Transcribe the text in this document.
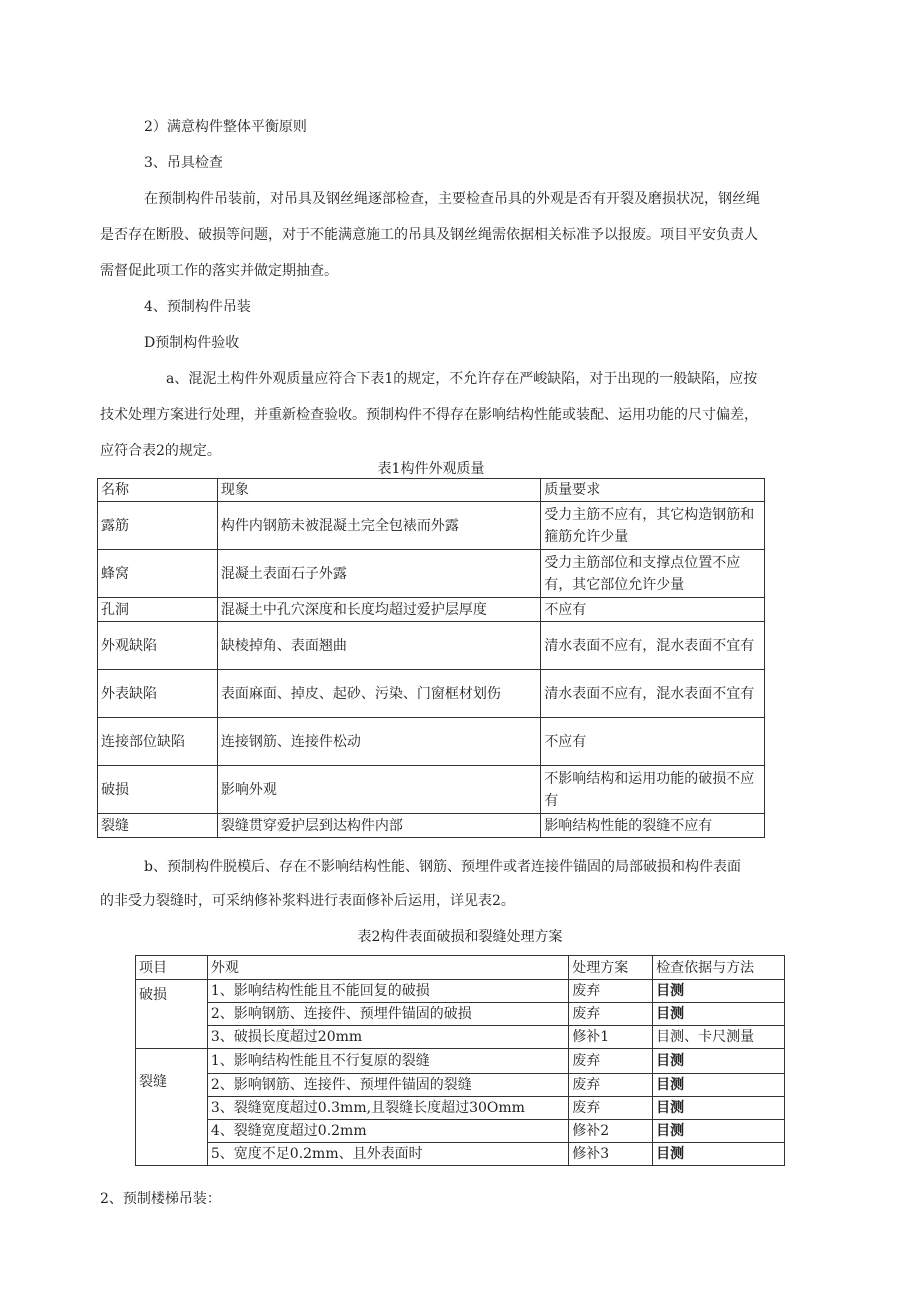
2）满意构件整体平衡原则
3、吊具检查
在预制构件吊装前，对吊具及钢丝绳逐部检查，主要检查吊具的外观是否有开裂及磨损状况，钢丝绳
是否存在断股、破损等问题，对于不能满意施工的吊具及钢丝绳需依据相关标准予以报废。项目平安负责人
需督促此项工作的落实并做定期抽查。
4、预制构件吊装
D预制构件验收
a、混泥土构件外观质量应符合下表1的规定，不允许存在严峻缺陷，对于出现的一般缺陷，应按
技术处理方案进行处理，并重新检查验收。预制构件不得存在影响结构性能或装配、运用功能的尺寸偏差，
应符合表2的规定。
表1构件外观质量
名称	现象	质量要求
露筋	构件内钢筋未被混凝土完全包裱而外露	受力主筋不应有，其它构造钢筋和箍筋允许少量
蜂窝	混凝土表面石子外露	受力主筋部位和支撑点位置不应有，其它部位允许少量
孔洞	混凝土中孔穴深度和长度均超过爱护层厚度	不应有
外观缺陷	缺棱掉角、表面翘曲	清水表面不应有，混水表面不宜有
外表缺陷	表面麻面、掉皮、起砂、污染、门窗框材划伤	清水表面不应有，混水表面不宜有
连接部位缺陷	连接钢筋、连接件松动	不应有
破损	影响外观	不影响结构和运用功能的破损不应有
裂缝	裂缝贯穿爱护层到达构件内部	影响结构性能的裂缝不应有
b、预制构件脱模后、存在不影响结构性能、钢筋、预埋件或者连接件锚固的局部破损和构件表面
的非受力裂缝时，可采纳修补浆料进行表面修补后运用，详见表2。
表2构件表面破损和裂缝处理方案
项目	外观	处理方案	检查依据与方法
破损	1、影响结构性能且不能回复的破损	废弃	目测
	2、影响钢筋、连接件、预埋件锚固的破损	废弃	目测
	3、破损长度超过20mm	修补1	目测、卡尺测量
裂缝	1、影响结构性能且不行复原的裂缝	废弃	目测
	2、影响钢筋、连接件、预埋件锚固的裂缝	废弃	目测
	3、裂缝宽度超过0.3mm,且裂缝长度超过30Omm	废弃	目测
	4、裂缝宽度超过0.2mm	修补2	目测
	5、宽度不足0.2mm、且外表面时	修补3	目测
2、预制楼梯吊装：
